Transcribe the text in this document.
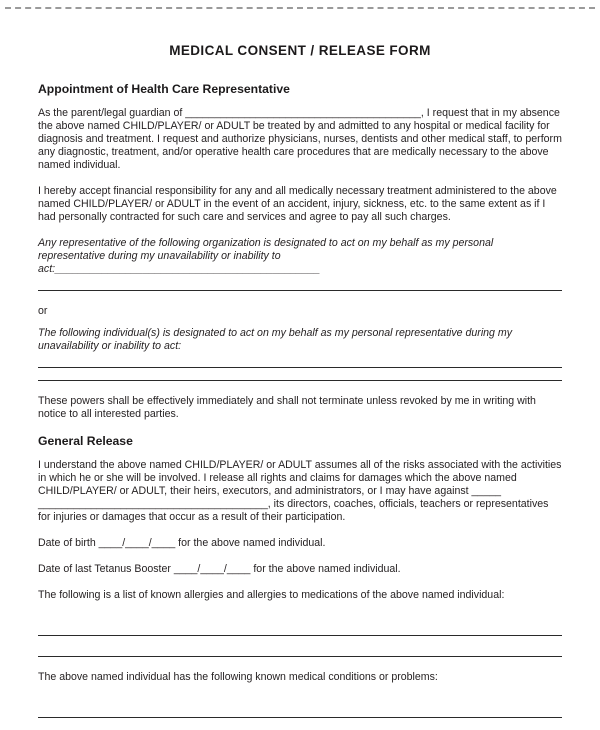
MEDICAL CONSENT / RELEASE FORM
Appointment of Health Care Representative

As the parent/legal guardian of ________________________________________, I request that in my absence the above named CHILD/PLAYER/ or ADULT be treated by and admitted to any hospital or medical facility for diagnosis and treatment. I request and authorize physicians, nurses, dentists and other medical staff, to perform any diagnostic, treatment, and/or operative health care procedures that are medically necessary to the above named individual.

I hereby accept financial responsibility for any and all medically necessary treatment administered to the above named CHILD/PLAYER/ or ADULT in the event of an accident, injury, sickness, etc. to the same extent as if I had personally contracted for such care and services and agree to pay all such charges.

Any representative of the following organization is designated to act on my behalf as my personal representative during my unavailability or inability to act:_____________________________________________

or

The following individual(s) is designated to act on my behalf as my personal representative during my unavailability or inability to act:

These powers shall be effectively immediately and shall not terminate unless revoked by me in writing with notice to all interested parties.

General Release

I understand the above named CHILD/PLAYER/ or ADULT assumes all of the risks associated with the activities in which he or she will be involved. I release all rights and claims for damages which the above named CHILD/PLAYER/ or ADULT, their heirs, executors, and administrators, or I may have against _____ _______________________________________, its directors, coaches, officials, teachers or representatives for injuries or damages that occur as a result of their participation.

Date of birth ____/____/____ for the above named individual.

Date of last Tetanus Booster ____/____/____ for the above named individual.

The following is a list of known allergies and allergies to medications of the above named individual:

The above named individual has the following known medical conditions or problems:
